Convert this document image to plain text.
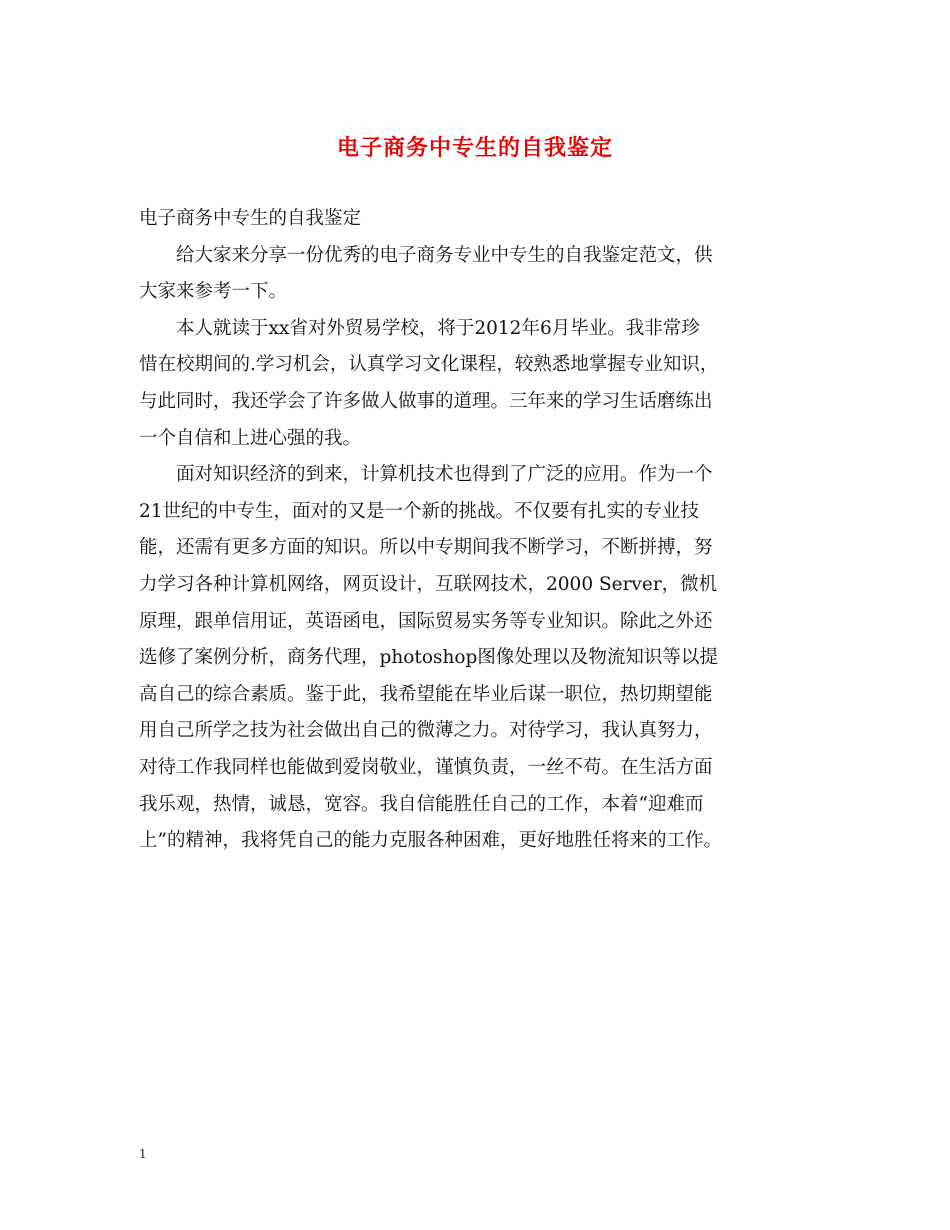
电子商务中专生的自我鉴定
电子商务中专生的自我鉴定
给大家来分享一份优秀的电子商务专业中专生的自我鉴定范文，供
大家来参考一下。
本人就读于xx省对外贸易学校，将于2012年6月毕业。我非常珍
惜在校期间的.学习机会，认真学习文化课程，较熟悉地掌握专业知识，
与此同时，我还学会了许多做人做事的道理。三年来的学习生话磨练出
一个自信和上进心强的我。
面对知识经济的到来，计算机技术也得到了广泛的应用。作为一个
21世纪的中专生，面对的又是一个新的挑战。不仅要有扎实的专业技
能，还需有更多方面的知识。所以中专期间我不断学习，不断拼搏，努
力学习各种计算机网络，网页设计，互联网技术，2000 Server，微机
原理，跟单信用证，英语函电，国际贸易实务等专业知识。除此之外还
选修了案例分析，商务代理，photoshop图像处理以及物流知识等以提
高自己的综合素质。鉴于此，我希望能在毕业后谋一职位，热切期望能
用自己所学之技为社会做出自己的微薄之力。对待学习，我认真努力，
对待工作我同样也能做到爱岗敬业，谨慎负责，一丝不苟。在生活方面
我乐观，热情，诚恳，宽容。我自信能胜任自己的工作，本着“迎难而
上”的精神，我将凭自己的能力克服各种困难，更好地胜任将来的工作。
1
